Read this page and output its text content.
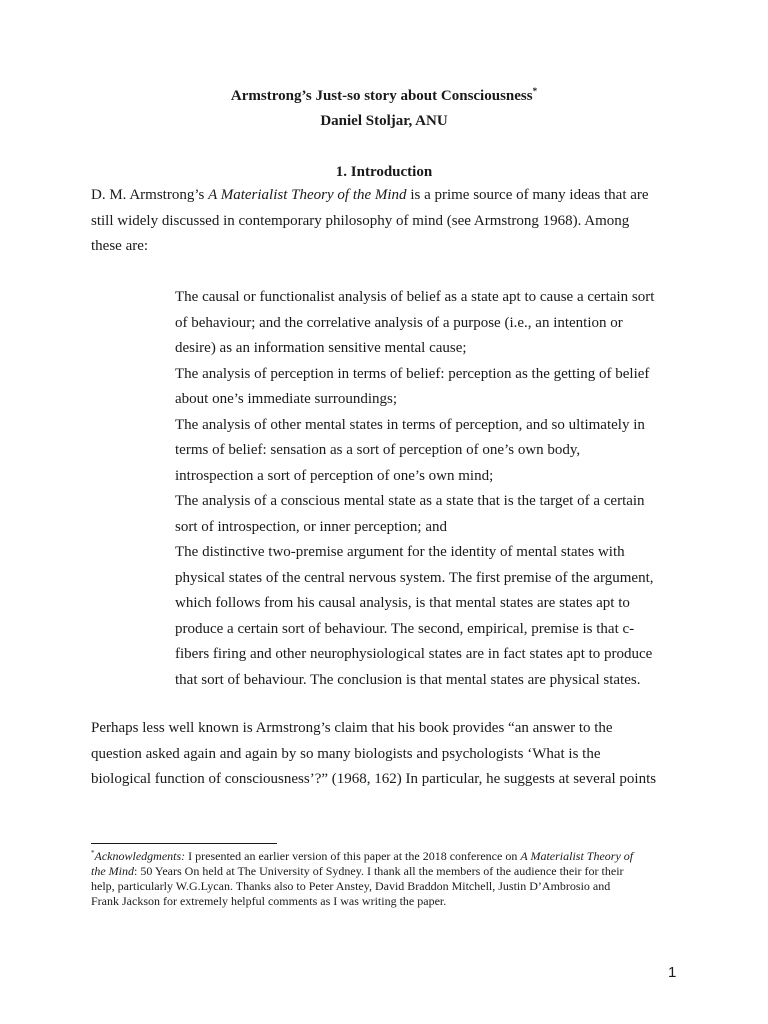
Armstrong’s Just-so story about Consciousness*
Daniel Stoljar, ANU
1. Introduction
D. M. Armstrong’s A Materialist Theory of the Mind is a prime source of many ideas that are
still widely discussed in contemporary philosophy of mind (see Armstrong 1968). Among
these are:
The causal or functionalist analysis of belief as a state apt to cause a certain sort
of behaviour; and the correlative analysis of a purpose (i.e., an intention or
desire) as an information sensitive mental cause;
The analysis of perception in terms of belief: perception as the getting of belief
about one’s immediate surroundings;
The analysis of other mental states in terms of perception, and so ultimately in
terms of belief: sensation as a sort of perception of one’s own body,
introspection a sort of perception of one’s own mind;
The analysis of a conscious mental state as a state that is the target of a certain
sort of introspection, or inner perception; and
The distinctive two-premise argument for the identity of mental states with
physical states of the central nervous system. The first premise of the argument,
which follows from his causal analysis, is that mental states are states apt to
produce a certain sort of behaviour. The second, empirical, premise is that c-
fibers firing and other neurophysiological states are in fact states apt to produce
that sort of behaviour. The conclusion is that mental states are physical states.
Perhaps less well known is Armstrong’s claim that his book provides “an answer to the
question asked again and again by so many biologists and psychologists ‘What is the
biological function of consciousness’?” (1968, 162) In particular, he suggests at several points
*Acknowledgments: I presented an earlier version of this paper at the 2018 conference on A Materialist Theory of
the Mind: 50 Years On held at The University of Sydney. I thank all the members of the audience their for their
help, particularly W.G.Lycan. Thanks also to Peter Anstey, David Braddon Mitchell, Justin D’Ambrosio and
Frank Jackson for extremely helpful comments as I was writing the paper.
1
